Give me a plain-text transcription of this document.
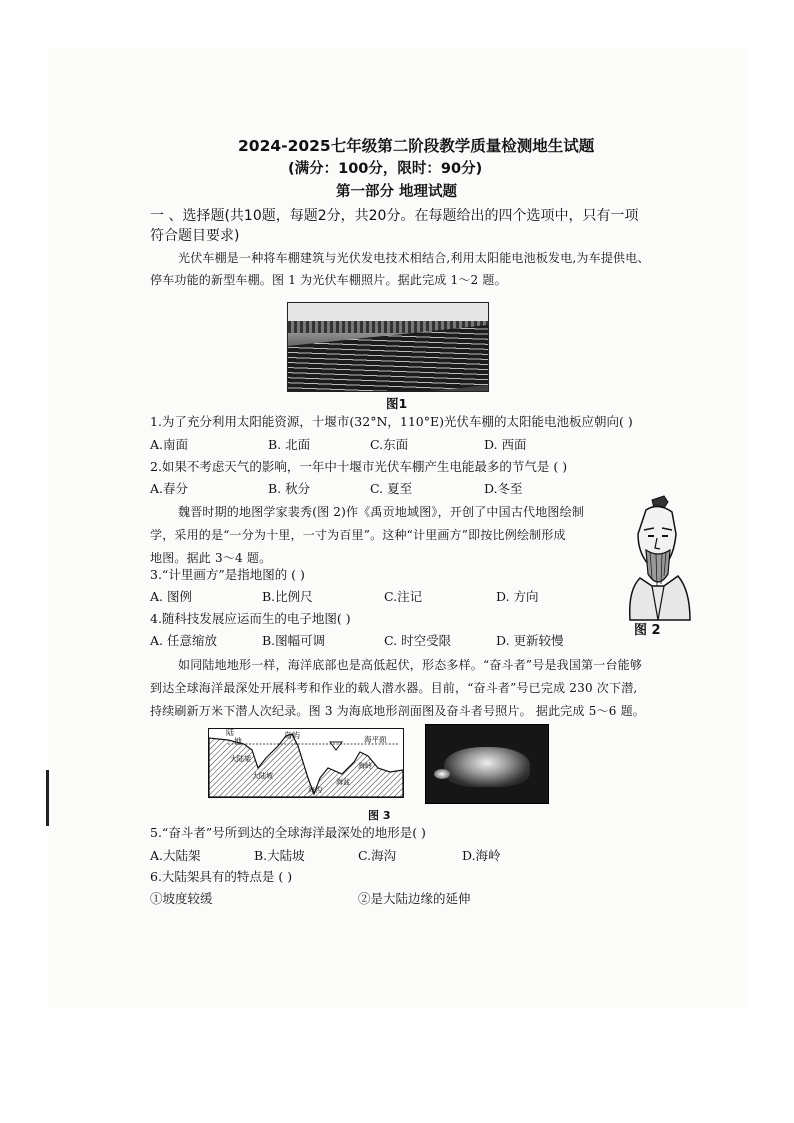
2024-2025七年级第二阶段教学质量检测地生试题
(满分：100分，限时：90分)
第一部分 地理试题
一 、选择题(共10题，每题2分，共20分。在每题给出的四个选项中，只有一项
符合题目要求)
光伏车棚是一种将车棚建筑与光伏发电技术相结合,利用太阳能电池板发电,为车提供电、
停车功能的新型车棚。图 1 为光伏车棚照片。据此完成 1～2 题。
图1
1.为了充分利用太阳能资源，十堰市(32°N，110°E)光伏车棚的太阳能电池板应朝向( )
A.南面	B. 北面	C.东面	D. 西面
2.如果不考虑天气的影响，一年中十堰市光伏车棚产生电能最多的节气是 ( )
A.春分	B. 秋分	C. 夏至	D.冬至
魏晋时期的地图学家裴秀(图 2)作《禹贡地域图》，开创了中国古代地图绘制
学，采用的是“一分为十里，一寸为百里”。这种“计里画方”即按比例绘制形成
地图。据此 3～4 题。
图 2
3.“计里画方”是指地图的 ( )
A. 图例	B.比例尺	C.注记	D. 方向
4.随科技发展应运而生的电子地图( )
A. 任意缩放	B.图幅可调	C. 时空受限	D. 更新较慢
如同陆地地形一样，海洋底部也是高低起伏，形态多样。“奋斗者”号是我国第一台能够
到达全球海洋最深处开展科考和作业的载人潜水器。目前，“奋斗者”号已完成 230 次下潜,
持续刷新万米下潜人次纪录。图 3 为海底地形剖面图及奋斗者号照片。 据此完成 5～6 题。
陆
地
岛屿	海平面
大陆架
大陆坡
海沟
海岭
海盆
图 3
5.“奋斗者”号所到达的全球海洋最深处的地形是( )
A.大陆架	B.大陆坡	C.海沟	D.海岭
6.大陆架具有的特点是 ( )
①坡度较缓	②是大陆边缘的延伸
